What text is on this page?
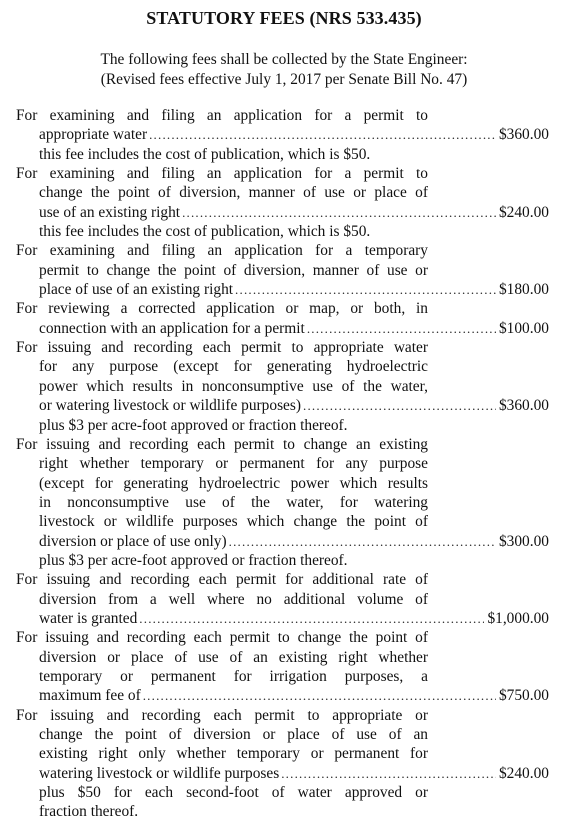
STATUTORY FEES (NRS 533.435)
The following fees shall be collected by the State Engineer:
(Revised fees effective July 1, 2017 per Senate Bill No. 47)
For examining and filing an application for a permit to
appropriate water .....	$360.00
this fee includes the cost of publication, which is $50.
For examining and filing an application for a permit to
change the point of diversion, manner of use or place of
use of an existing right .....	$240.00
this fee includes the cost of publication, which is $50.
For examining and filing an application for a temporary
permit to change the point of diversion, manner of use or
place of use of an existing right .....	$180.00
For reviewing a corrected application or map, or both, in
connection with an application for a permit .....	$100.00
For issuing and recording each permit to appropriate water
for any purpose (except for generating hydroelectric
power which results in nonconsumptive use of the water,
or watering livestock or wildlife purposes) .....	$360.00
plus $3 per acre-foot approved or fraction thereof.
For issuing and recording each permit to change an existing
right whether temporary or permanent for any purpose
(except for generating hydroelectric power which results
in nonconsumptive use of the water, for watering
livestock or wildlife purposes which change the point of
diversion or place of use only) .....	$300.00
plus $3 per acre-foot approved or fraction thereof.
For issuing and recording each permit for additional rate of
diversion from a well where no additional volume of
water is granted .....	$1,000.00
For issuing and recording each permit to change the point of
diversion or place of use of an existing right whether
temporary or permanent for irrigation purposes, a
maximum fee of .....	$750.00
For issuing and recording each permit to appropriate or
change the point of diversion or place of use of an
existing right only whether temporary or permanent for
watering livestock or wildlife purposes .....	$240.00
plus $50 for each second-foot of water approved or
fraction thereof.
